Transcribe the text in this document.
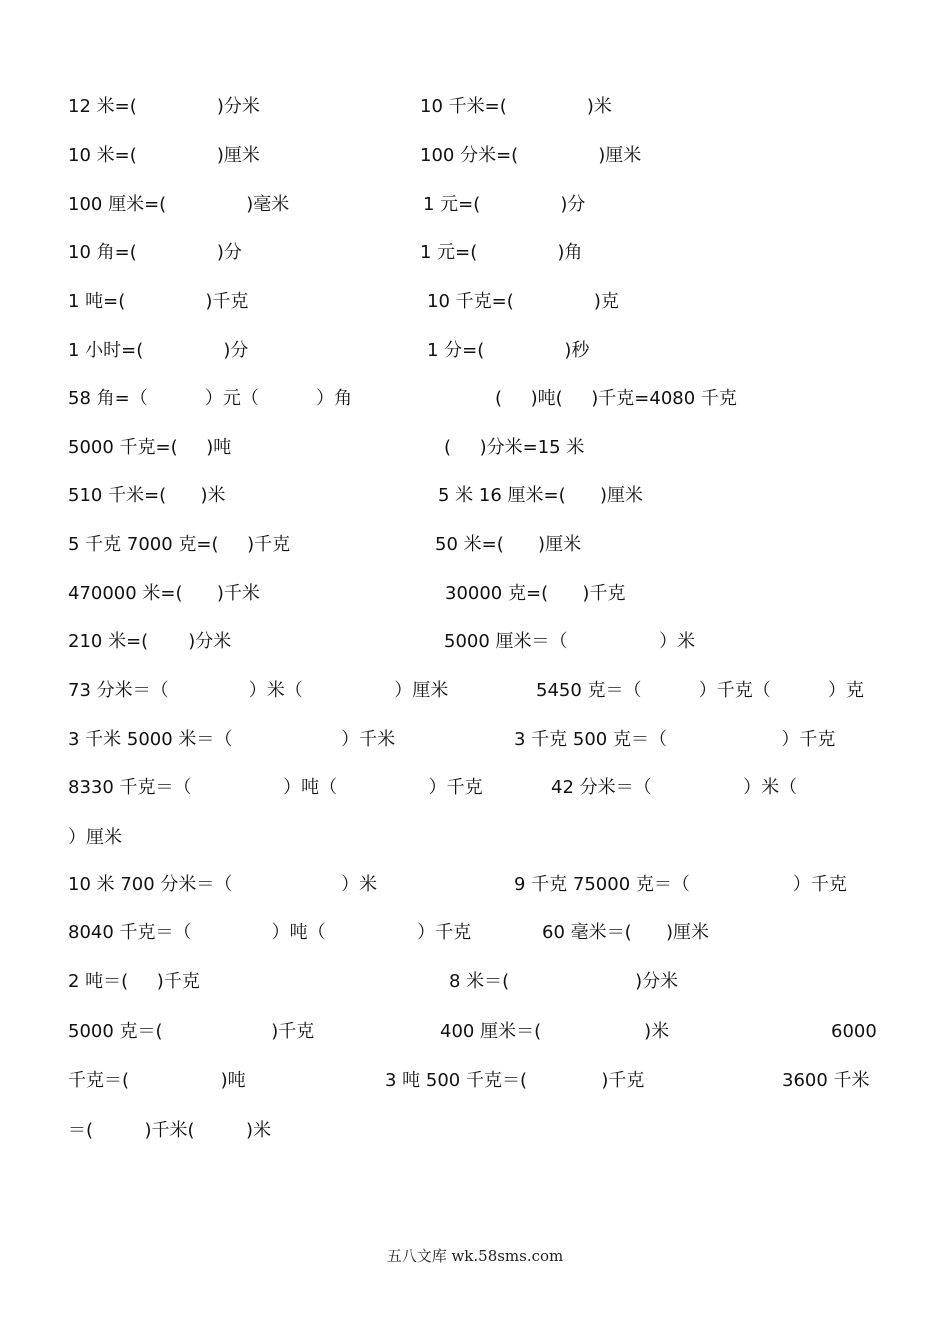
12 米=(              )分米	10 千米=(              )米
10 米=(              )厘米	100 分米=(              )厘米
100 厘米=(              )毫米	1 元=(              )分
10 角=(              )分	1 元=(              )角
1 吨=(              )千克	10 千克=(              )克
1 小时=(              )分	1 分=(              )秒
58 角=（          ）元（          ）角	(     )吨(     )千克=4080 千克
5000 千克=(     )吨	(     )分米=15 米
510 千米=(      )米	5 米 16 厘米=(      )厘米
5 千克 7000 克=(     )千克	50 米=(      )厘米
470000 米=(      )千米	30000 克=(      )千克
210 米=(       )分米	5000 厘米＝（                ）米
73 分米＝（              ）米（                ）厘米	5450 克＝（          ）千克（          ）克
3 千米 5000 米＝（                   ）千米	3 千克 500 克＝（                    ）千克
8330 千克＝（                ）吨（                ）千克	42 分米＝（                ）米（
）厘米
10 米 700 分米＝（                   ）米	9 千克 75000 克＝（                  ）千克
8040 千克＝（              ）吨（                ）千克	60 毫米＝(      )厘米
2 吨＝(     )千克	8 米＝(                      )分米
5000 克＝(                   )千克	400 厘米＝(                  )米	6000
千克＝(                )吨	3 吨 500 千克＝(             )千克	3600 千米
＝(         )千米(         )米
五八文库 wk.58sms.com
